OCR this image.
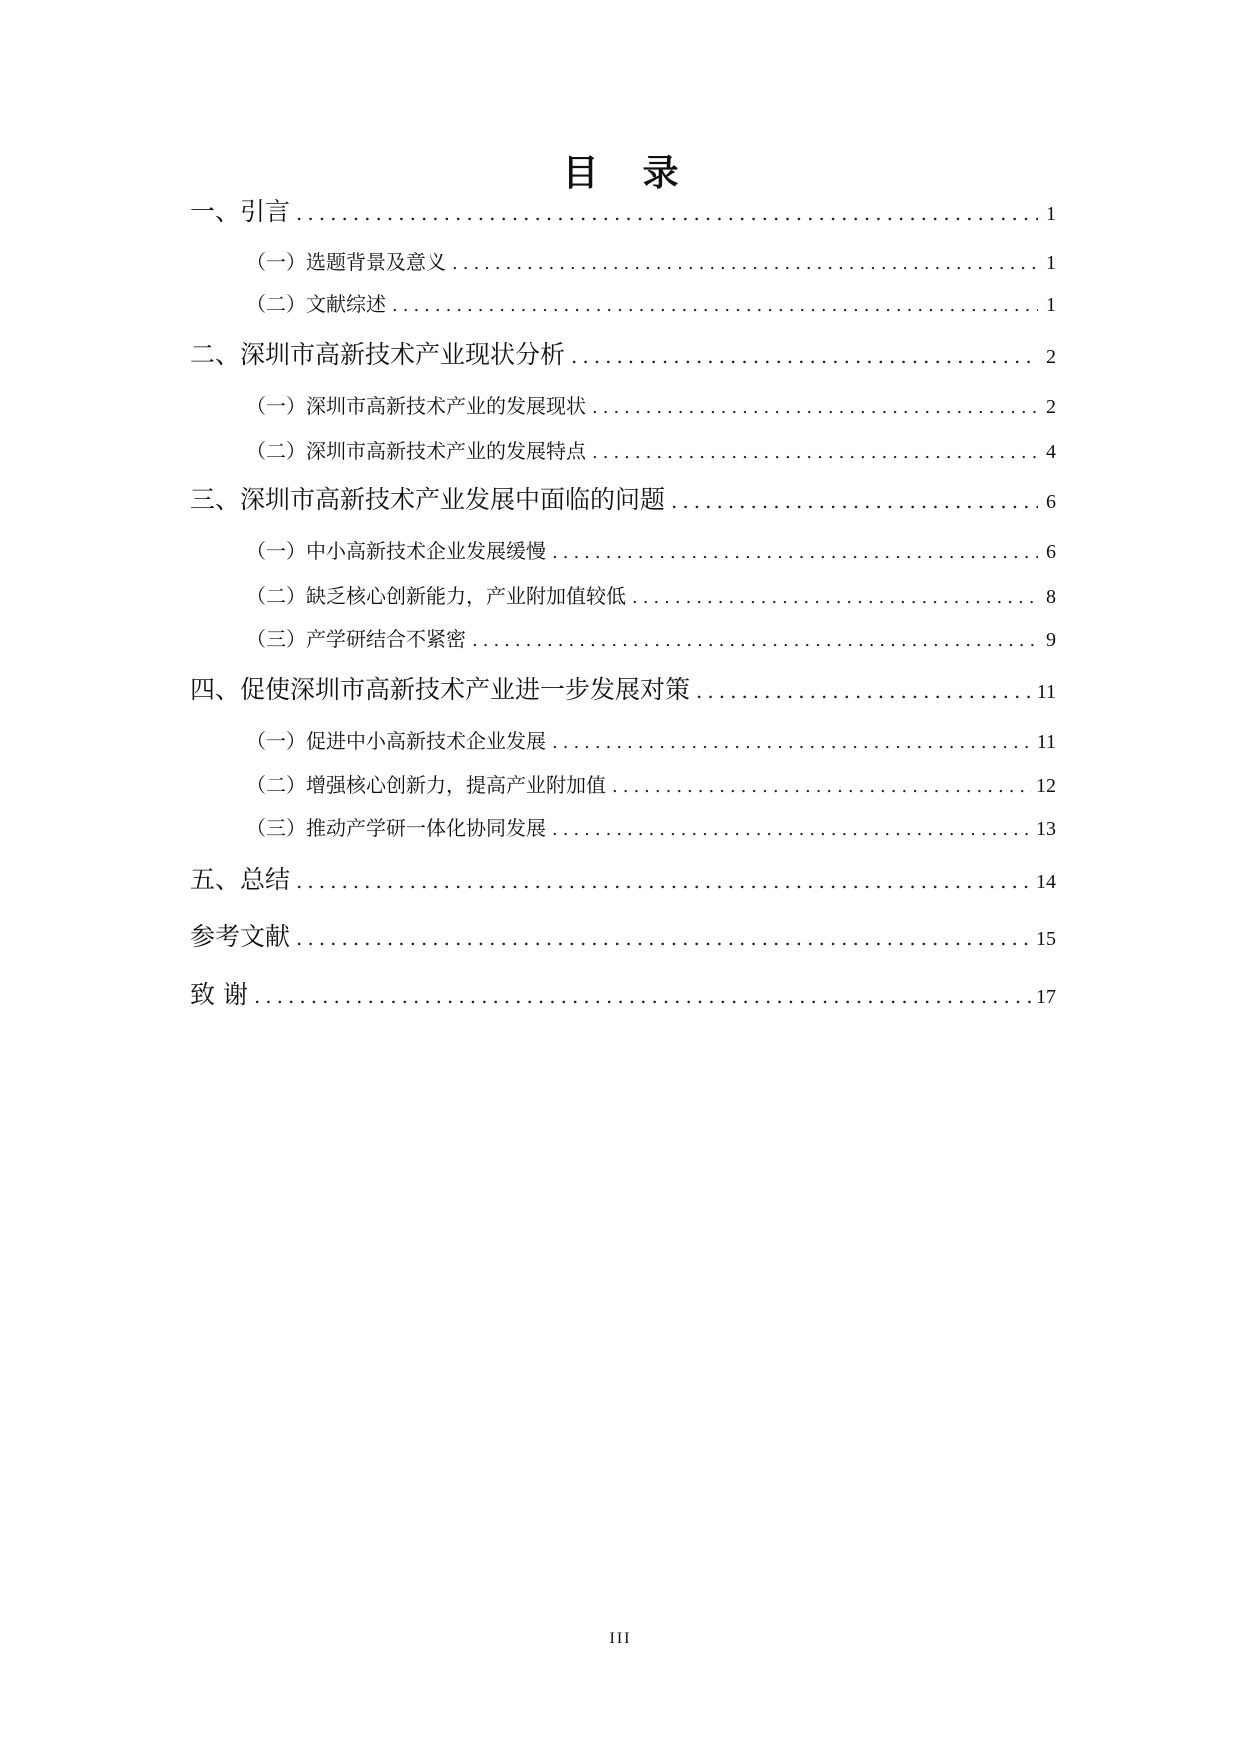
目录
一、引言 .....	1
（一）选题背景及意义 .....	1
（二）文献综述 .....	1
二、深圳市高新技术产业现状分析 .....	2
（一）深圳市高新技术产业的发展现状 .....	2
（二）深圳市高新技术产业的发展特点 .....	4
三、深圳市高新技术产业发展中面临的问题 .....	6
（一）中小高新技术企业发展缓慢 .....	6
（二）缺乏核心创新能力，产业附加值较低 .....	8
（三）产学研结合不紧密 .....	9
四、促使深圳市高新技术产业进一步发展对策 .....	11
（一）促进中小高新技术企业发展 .....	11
（二）增强核心创新力，提高产业附加值 .....	12
（三）推动产学研一体化协同发展 .....	13
五、总结 .....	14
参考文献 .....	15
致 谢 .....	17
III
